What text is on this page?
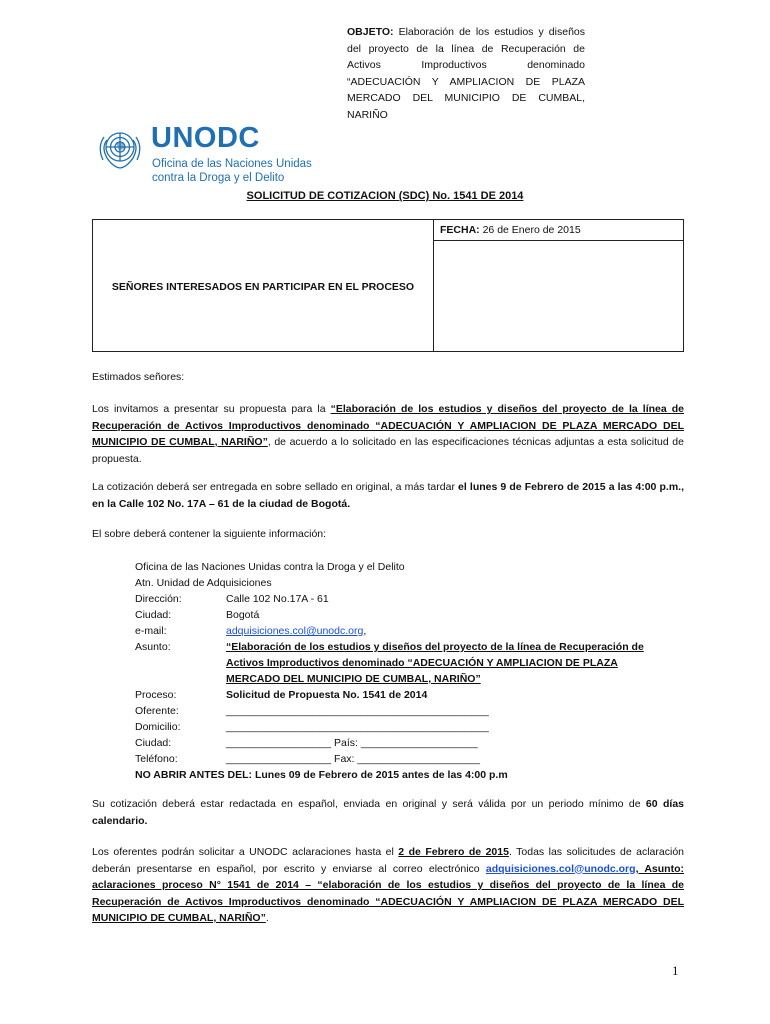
UNODC
Oficina de las Naciones Unidas
contra la Droga y el Delito
SOLICITUD DE COTIZACION (SDC) No. 1541 DE 2014
SEÑORES INTERESADOS EN PARTICIPAR EN EL PROCESO
FECHA: 26 de Enero de 2015
OBJETO: Elaboración de los estudios y diseños del proyecto de la línea de Recuperación de Activos Improductivos denominado “ADECUACIÓN Y AMPLIACION DE PLAZA MERCADO DEL MUNICIPIO DE CUMBAL, NARIÑO
Estimados señores:
Los invitamos a presentar su propuesta para la “Elaboración de los estudios y diseños del proyecto de la línea de Recuperación de Activos Improductivos denominado “ADECUACIÓN Y AMPLIACION DE PLAZA MERCADO DEL MUNICIPIO DE CUMBAL, NARIÑO”, de acuerdo a lo solicitado en las especificaciones técnicas adjuntas a esta solicitud de propuesta.
La cotización deberá ser entregada en sobre sellado en original, a más tardar el lunes 9 de Febrero de 2015 a las 4:00 p.m., en la Calle 102 No. 17A – 61 de la ciudad de Bogotá.
El sobre deberá contener la siguiente información:
Oficina de las Naciones Unidas contra la Droga y el Delito
Atn. Unidad de Adquisiciones
Dirección:	Calle 102 No.17A - 61
Ciudad:	Bogotá
e-mail:	adquisiciones.col@unodc.org,
Asunto:	“Elaboración de los estudios y diseños del proyecto de la línea de Recuperación de Activos Improductivos denominado “ADECUACIÓN Y AMPLIACION DE PLAZA MERCADO DEL MUNICIPIO DE CUMBAL, NARIÑO”
Proceso:	Solicitud de Propuesta No. 1541 de 2014
Oferente:	_____________________________________________
Domicilio:	_____________________________________________
Ciudad:	__________________ País: ____________________
Teléfono:	__________________ Fax: _____________________
NO ABRIR ANTES DEL: Lunes 09 de Febrero de 2015 antes de las 4:00 p.m
Su cotización deberá estar redactada en español, enviada en original y será válida por un periodo mínimo de 60 días calendario.
Los oferentes podrán solicitar a UNODC aclaraciones hasta el 2 de Febrero de 2015. Todas las solicitudes de aclaración deberán presentarse en español, por escrito y enviarse al correo electrónico adquisiciones.col@unodc.org, Asunto: aclaraciones proceso N° 1541 de 2014 – “elaboración de los estudios y diseños del proyecto de la línea de Recuperación de Activos Improductivos denominado “ADECUACIÓN Y AMPLIACION DE PLAZA MERCADO DEL MUNICIPIO DE CUMBAL, NARIÑO”.
1
